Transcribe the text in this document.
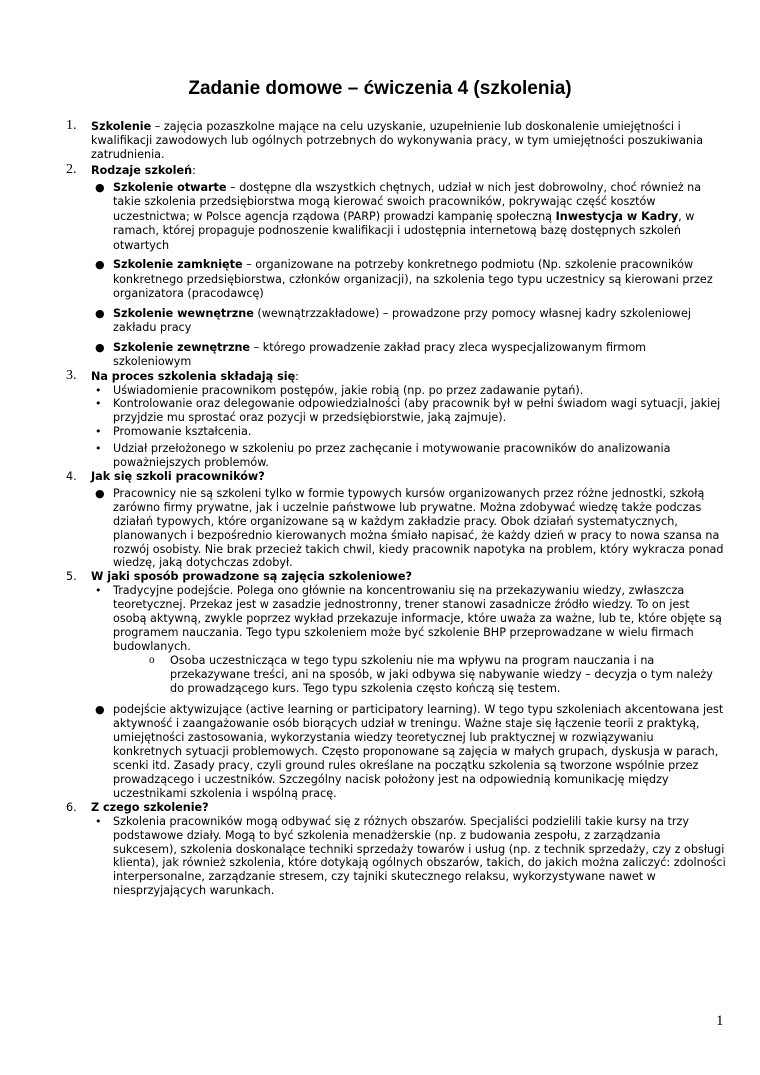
Zadanie domowe – ćwiczenia 4 (szkolenia)
1. Szkolenie – zajęcia pozaszkolne mające na celu uzyskanie, uzupełnienie lub doskonalenie umiejętności i kwalifikacji zawodowych lub ogólnych potrzebnych do wykonywania pracy, w tym umiejętności poszukiwania zatrudnienia.

2. Rodzaje szkoleń:

● Szkolenie otwarte – dostępne dla wszystkich chętnych, udział w nich jest dobrowolny, choć również na takie szkolenia przedsiębiorstwa mogą kierować swoich pracowników, pokrywając część kosztów uczestnictwa; w Polsce agencja rządowa (PARP) prowadzi kampanię społeczną Inwestycja w Kadry, w ramach, której propaguje podnoszenie kwalifikacji i udostępnia internetową bazę dostępnych szkoleń otwartych

● Szkolenie zamknięte – organizowane na potrzeby konkretnego podmiotu (Np. szkolenie pracowników konkretnego przedsiębiorstwa, członków organizacji), na szkolenia tego typu uczestnicy są kierowani przez organizatora (pracodawcę)

● Szkolenie wewnętrzne (wewnątrzzakładowe) – prowadzone przy pomocy własnej kadry szkoleniowej zakładu pracy

● Szkolenie zewnętrzne – którego prowadzenie zakład pracy zleca wyspecjalizowanym firmom szkoleniowym

3. Na proces szkolenia składają się:

• Uświadomienie pracownikom postępów, jakie robią (np. po przez zadawanie pytań).

• Kontrolowanie oraz delegowanie odpowiedzialności (aby pracownik był w pełni świadom wagi sytuacji, jakiej przyjdzie mu sprostać oraz pozycji w przedsiębiorstwie, jaką zajmuje).

• Promowanie kształcenia.

• Udział przełożonego w szkoleniu po przez zachęcanie i motywowanie pracowników do analizowania poważniejszych problemów.

4. Jak się szkoli pracowników?

● Pracownicy nie są szkoleni tylko w formie typowych kursów organizowanych przez różne jednostki, szkołą zarówno firmy prywatne, jak i uczelnie państwowe lub prywatne. Można zdobywać wiedzę także podczas działań typowych, które organizowane są w każdym zakładzie pracy. Obok działań systematycznych, planowanych i bezpośrednio kierowanych można śmiało napisać, że każdy dzień w pracy to nowa szansa na rozwój osobisty. Nie brak przecież takich chwil, kiedy pracownik napotyka na problem, który wykracza ponad wiedzę, jaką dotychczas zdobył.

5. W jaki sposób prowadzone są zajęcia szkoleniowe?

• Tradycyjne podejście. Polega ono głównie na koncentrowaniu się na przekazywaniu wiedzy, zwłaszcza teoretycznej. Przekaz jest w zasadzie jednostronny, trener stanowi zasadnicze źródło wiedzy. To on jest osobą aktywną, zwykle poprzez wykład przekazuje informacje, które uważa za ważne, lub te, które objęte są programem nauczania. Tego typu szkoleniem może być szkolenie BHP przeprowadzane w wielu firmach budowlanych.

o Osoba uczestnicząca w tego typu szkoleniu nie ma wpływu na program nauczania i na przekazywane treści, ani na sposób, w jaki odbywa się nabywanie wiedzy – decyzja o tym należy do prowadzącego kurs. Tego typu szkolenia często kończą się testem.

● podejście aktywizujące (active learning or participatory learning). W tego typu szkoleniach akcentowana jest aktywność i zaangażowanie osób biorących udział w treningu. Ważne staje się łączenie teorii z praktyką, umiejętności zastosowania, wykorzystania wiedzy teoretycznej lub praktycznej w rozwiązywaniu konkretnych sytuacji problemowych. Często proponowane są zajęcia w małych grupach, dyskusja w parach, scenki itd. Zasady pracy, czyli ground rules określane na początku szkolenia są tworzone wspólnie przez prowadzącego i uczestników. Szczególny nacisk położony jest na odpowiednią komunikację między uczestnikami szkolenia i wspólną pracę.

6. Z czego szkolenie?

• Szkolenia pracowników mogą odbywać się z różnych obszarów. Specjaliści podzielili takie kursy na trzy podstawowe działy. Mogą to być szkolenia menadżerskie (np. z budowania zespołu, z zarządzania sukcesem), szkolenia doskonalące techniki sprzedaży towarów i usług (np. z technik sprzedaży, czy z obsługi klienta), jak również szkolenia, które dotykają ogólnych obszarów, takich, do jakich można zaliczyć: zdolności interpersonalne, zarządzanie stresem, czy tajniki skutecznego relaksu, wykorzystywane nawet w niesprzyjających warunkach.

1
